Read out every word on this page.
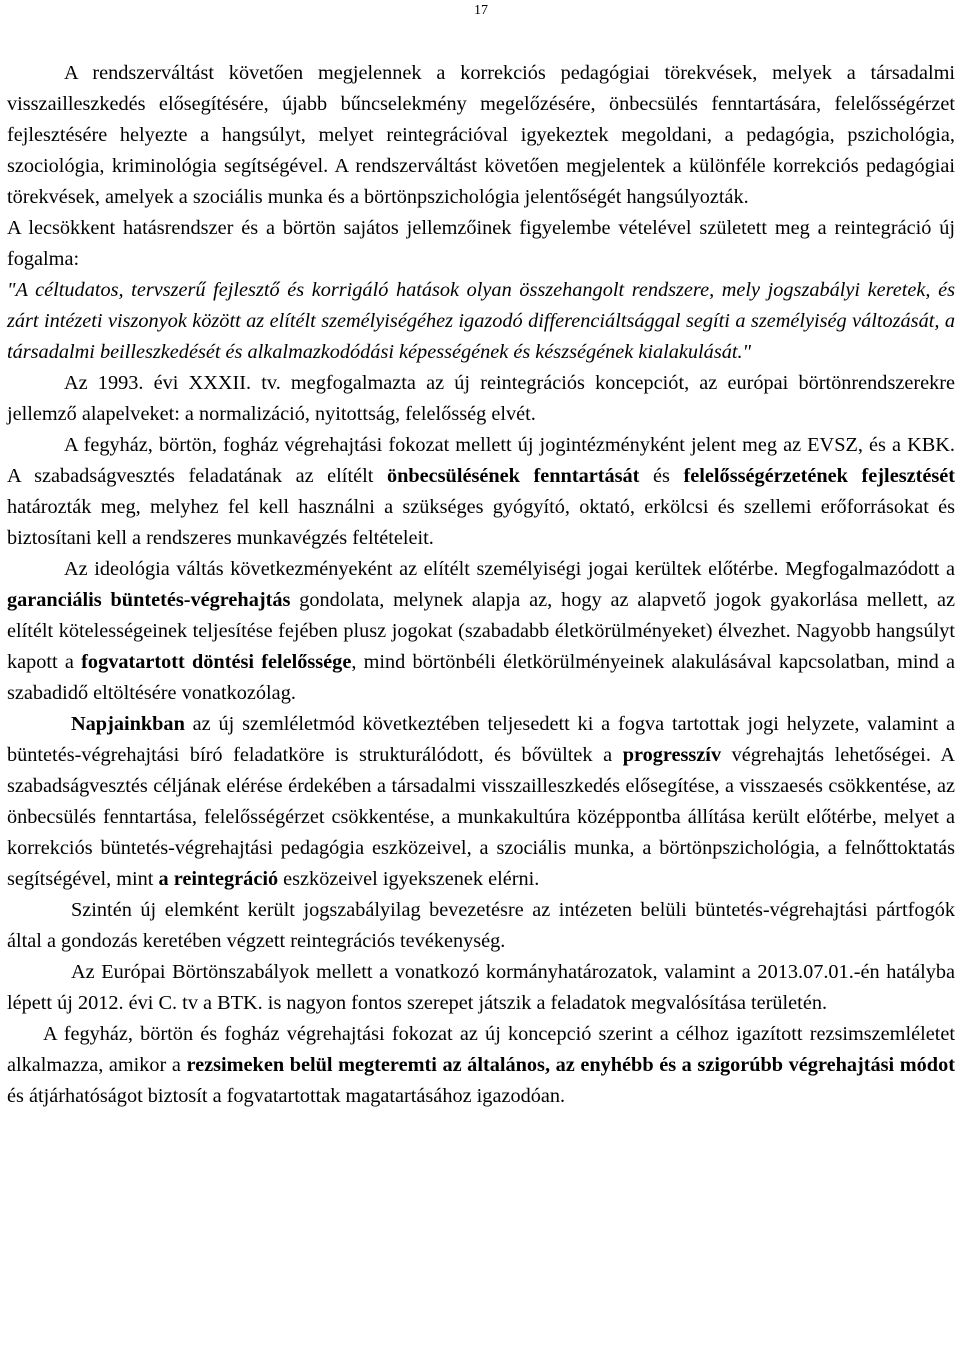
17

A rendszerváltást követően megjelennek a korrekciós pedagógiai törekvések, melyek a társadalmi visszailleszkedés elősegítésére, újabb bűncselekmény megelőzésére, önbecsülés fenntartására, felelősségérzet fejlesztésére helyezte a hangsúlyt, melyet reintegrációval igyekeztek megoldani, a pedagógia, pszichológia, szociológia, kriminológia segítségével. A rendszerváltást követően megjelentek a különféle korrekciós pedagógiai törekvések, amelyek a szociális munka és a börtönpszichológia jelentőségét hangsúlyozták.

A lecsökkent hatásrendszer és a börtön sajátos jellemzőinek figyelembe vételével született meg a reintegráció új fogalma:

"A céltudatos, tervszerű fejlesztő és korrigáló hatások olyan összehangolt rendszere, mely jogszabályi keretek, és zárt intézeti viszonyok között az elítélt személyiségéhez igazodó differenciáltsággal segíti a személyiség változását, a társadalmi beilleszkedését és alkalmazkodódási képességének és készségének kialakulását."

Az 1993. évi XXXII. tv. megfogalmazta az új reintegrációs koncepciót, az európai börtönrendszerekre jellemző alapelveket: a normalizáció, nyitottság, felelősség elvét.

A fegyház, börtön, fogház végrehajtási fokozat mellett új jogintézményként jelent meg az EVSZ, és a KBK. A szabadságvesztés feladatának az elítélt önbecsülésének fenntartását és felelősségérzetének fejlesztését határozták meg, melyhez fel kell használni a szükséges gyógyító, oktató, erkölcsi és szellemi erőforrásokat és biztosítani kell a rendszeres munkavégzés feltételeit.

Az ideológia váltás következményeként az elítélt személyiségi jogai kerültek előtérbe. Megfogalmazódott a garanciális büntetés-végrehajtás gondolata, melynek alapja az, hogy az alapvető jogok gyakorlása mellett, az elítélt kötelességeinek teljesítése fejében plusz jogokat (szabadabb életkörülményeket) élvezhet. Nagyobb hangsúlyt kapott a fogvatartott döntési felelőssége, mind börtönbéli életkörülményeinek alakulásával kapcsolatban, mind a szabadidő eltöltésére vonatkozólag.

Napjainkban az új szemléletmód következtében teljesedett ki a fogva tartottak jogi helyzete, valamint a büntetés-végrehajtási bíró feladatköre is strukturálódott, és bővültek a progresszív végrehajtás lehetőségei. A szabadságvesztés céljának elérése érdekében a társadalmi visszailleszkedés elősegítése, a visszaesés csökkentése, az önbecsülés fenntartása, felelősségérzet csökkentése, a munkakultúra középpontba állítása került előtérbe, melyet a korrekciós büntetés-végrehajtási pedagógia eszközeivel, a szociális munka, a börtönpszichológia, a felnőttoktatás segítségével, mint a reintegráció eszközeivel igyekszenek elérni.

Szintén új elemként került jogszabályilag bevezetésre az intézeten belüli büntetés-végrehajtási pártfogók által a gondozás keretében végzett reintegrációs tevékenység.

Az Európai Börtönszabályok mellett a vonatkozó kormányhatározatok, valamint a 2013.07.01.-én hatályba lépett új 2012. évi C. tv a BTK. is nagyon fontos szerepet játszik a feladatok megvalósítása területén.

A fegyház, börtön és fogház végrehajtási fokozat az új koncepció szerint a célhoz igazított rezsimszemléletet alkalmazza, amikor a rezsimeken belül megteremti az általános, az enyhébb és a szigorúbb végrehajtási módot és átjárhatóságot biztosít a fogvatartottak magatartásához igazodóan.
